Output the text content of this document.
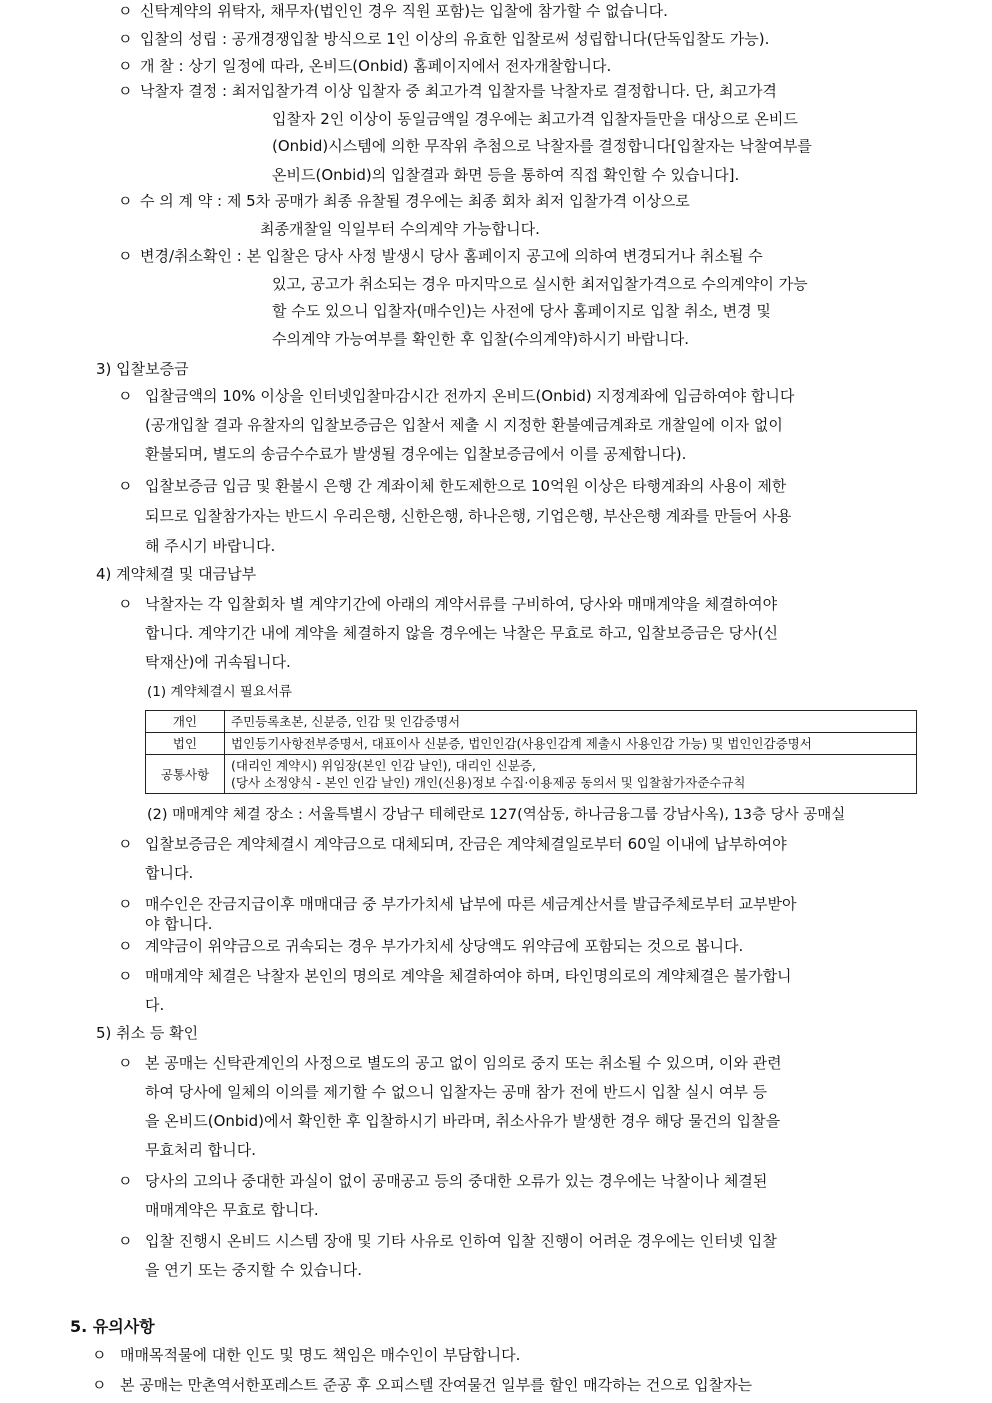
ㅇ 신탁계약의 위탁자, 채무자(법인인 경우 직원 포함)는 입찰에 참가할 수 없습니다.
ㅇ 입찰의 성립 : 공개경쟁입찰 방식으로 1인 이상의 유효한 입찰로써 성립합니다(단독입찰도 가능).
ㅇ 개 찰 : 상기 일정에 따라, 온비드(Onbid) 홈페이지에서 전자개찰합니다.
ㅇ 낙찰자 결정 : 최저입찰가격 이상 입찰자 중 최고가격 입찰자를 낙찰자로 결정합니다. 단, 최고가격
입찰자 2인 이상이 동일금액일 경우에는 최고가격 입찰자들만을 대상으로 온비드
(Onbid)시스템에 의한 무작위 추첨으로 낙찰자를 결정합니다[입찰자는 낙찰여부를
온비드(Onbid)의 입찰결과 화면 등을 통하여 직접 확인할 수 있습니다].
ㅇ 수 의 계 약 : 제 5차 공매가 최종 유찰될 경우에는 최종 회차 최저 입찰가격 이상으로
최종개찰일 익일부터 수의계약 가능합니다.
ㅇ 변경/취소확인 : 본 입찰은 당사 사정 발생시 당사 홈페이지 공고에 의하여 변경되거나 취소될 수
있고, 공고가 취소되는 경우 마지막으로 실시한 최저입찰가격으로 수의계약이 가능
할 수도 있으니 입찰자(매수인)는 사전에 당사 홈페이지로 입찰 취소, 변경 및
수의계약 가능여부를 확인한 후 입찰(수의계약)하시기 바랍니다.
3) 입찰보증금
ㅇ 입찰금액의 10% 이상을 인터넷입찰마감시간 전까지 온비드(Onbid) 지정계좌에 입금하여야 합니다
(공개입찰 결과 유찰자의 입찰보증금은 입찰서 제출 시 지정한 환불예금계좌로 개찰일에 이자 없이
환불되며, 별도의 송금수수료가 발생될 경우에는 입찰보증금에서 이를 공제합니다).
ㅇ 입찰보증금 입금 및 환불시 은행 간 계좌이체 한도제한으로 10억원 이상은 타행계좌의 사용이 제한
되므로 입찰참가자는 반드시 우리은행, 신한은행, 하나은행, 기업은행, 부산은행 계좌를 만들어 사용
해 주시기 바랍니다.
4) 계약체결 및 대금납부
ㅇ 낙찰자는 각 입찰회차 별 계약기간에 아래의 계약서류를 구비하여, 당사와 매매계약을 체결하여야
합니다. 계약기간 내에 계약을 체결하지 않을 경우에는 낙찰은 무효로 하고, 입찰보증금은 당사(신
탁재산)에 귀속됩니다.
(1) 계약체결시 필요서류
개인	주민등록초본, 신분증, 인감 및 인감증명서
법인	법인등기사항전부증명서, 대표이사 신분증, 법인인감(사용인감계 제출시 사용인감 가능) 및 법인인감증명서
공통사항	(대리인 계약시) 위임장(본인 인감 날인), 대리인 신분증,
(당사 소정양식 - 본인 인감 날인) 개인(신용)정보 수집·이용제공 동의서 및 입찰참가자준수규칙
(2) 매매계약 체결 장소 : 서울특별시 강남구 테헤란로 127(역삼동, 하나금융그룹 강남사옥), 13층 당사 공매실
ㅇ 입찰보증금은 계약체결시 계약금으로 대체되며, 잔금은 계약체결일로부터 60일 이내에 납부하여야
합니다.
ㅇ 매수인은 잔금지급이후 매매대금 중 부가가치세 납부에 따른 세금계산서를 발급주체로부터 교부받아
야 합니다.
ㅇ 계약금이 위약금으로 귀속되는 경우 부가가치세 상당액도 위약금에 포함되는 것으로 봅니다.
ㅇ 매매계약 체결은 낙찰자 본인의 명의로 계약을 체결하여야 하며, 타인명의로의 계약체결은 불가합니
다.
5) 취소 등 확인
ㅇ 본 공매는 신탁관계인의 사정으로 별도의 공고 없이 임의로 중지 또는 취소될 수 있으며, 이와 관련
하여 당사에 일체의 이의를 제기할 수 없으니 입찰자는 공매 참가 전에 반드시 입찰 실시 여부 등
을 온비드(Onbid)에서 확인한 후 입찰하시기 바라며, 취소사유가 발생한 경우 해당 물건의 입찰을
무효처리 합니다.
ㅇ 당사의 고의나 중대한 과실이 없이 공매공고 등의 중대한 오류가 있는 경우에는 낙찰이나 체결된
매매계약은 무효로 합니다.
ㅇ 입찰 진행시 온비드 시스템 장애 및 기타 사유로 인하여 입찰 진행이 어려운 경우에는 인터넷 입찰
을 연기 또는 중지할 수 있습니다.
5. 유의사항
ㅇ 매매목적물에 대한 인도 및 명도 책임은 매수인이 부담합니다.
ㅇ 본 공매는 만촌역서한포레스트 준공 후 오피스텔 잔여물건 일부를 할인 매각하는 건으로 입찰자는
